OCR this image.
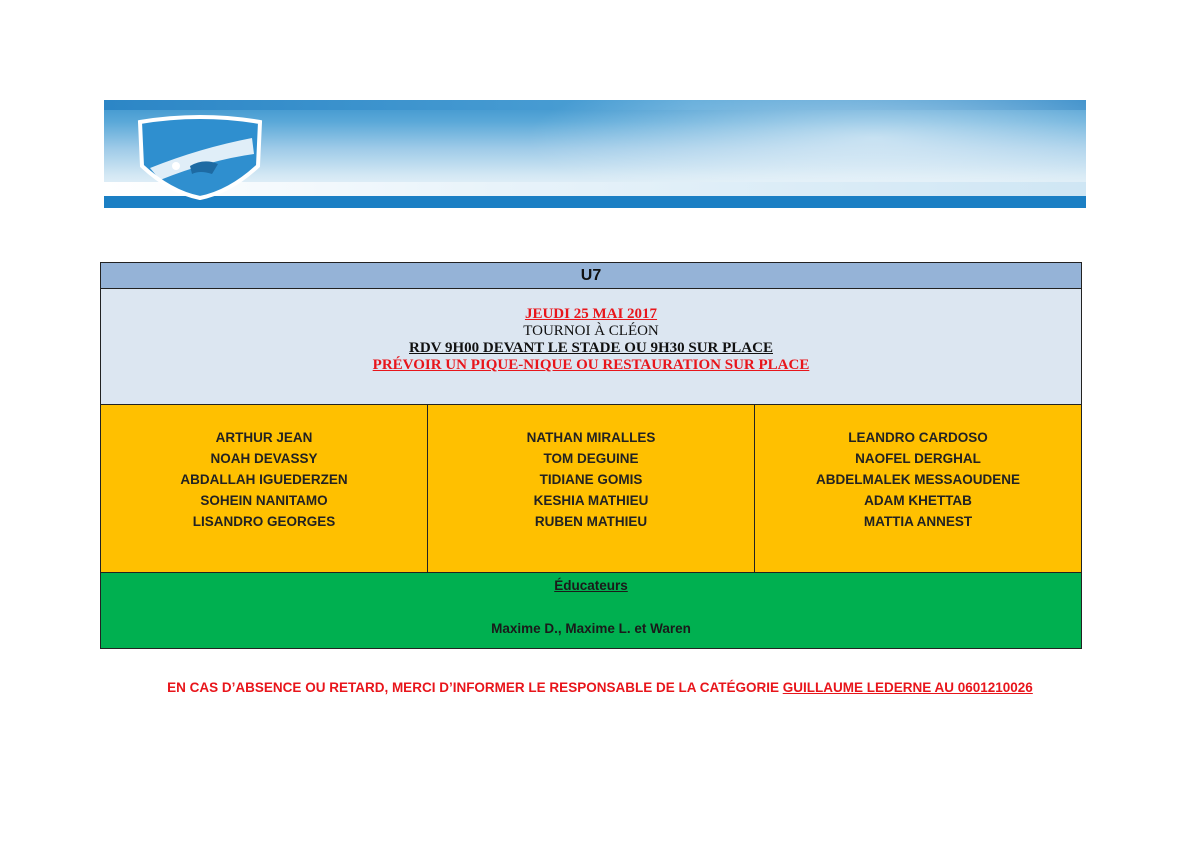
U7
JEUDI 25 MAI 2017
TOURNOI À CLÉON
RDV 9H00 DEVANT LE STADE OU 9H30 SUR PLACE
PRÉVOIR UN PIQUE-NIQUE OU RESTAURATION SUR PLACE
ARTHUR JEAN
NOAH DEVASSY
ABDALLAH IGUEDERZEN
SOHEIN NANITAMO
LISANDRO GEORGES
NATHAN MIRALLES
TOM DEGUINE
TIDIANE GOMIS
KESHIA MATHIEU
RUBEN MATHIEU
LEANDRO CARDOSO
NAOFEL DERGHAL
ABDELMALEK MESSAOUDENE
ADAM KHETTAB
MATTIA ANNEST
Éducateurs
Maxime D., Maxime L. et Waren
EN CAS D’ABSENCE OU RETARD, MERCI D’INFORMER LE RESPONSABLE DE LA CATÉGORIE GUILLAUME LEDERNE AU 0601210026
